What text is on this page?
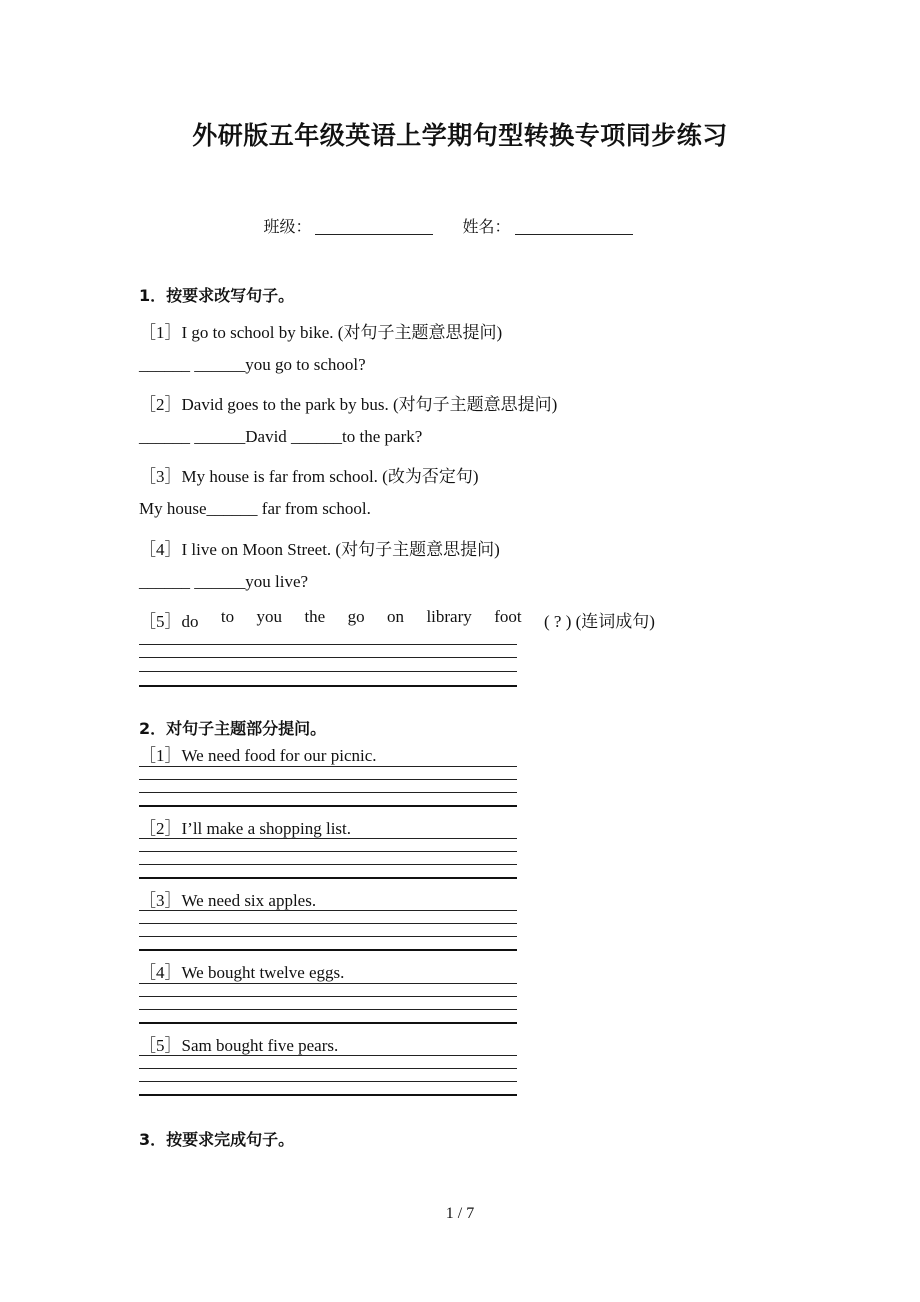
外研版五年级英语上学期句型转换专项同步练习
班级：	姓名：
1．按要求改写句子。
［1］I go to school by bike. (对句子主题意思提问)
______ ______you go to school?
［2］David goes to the park by bus. (对句子主题意思提问)
______ ______David ______to the park?
［3］My house is far from school. (改为否定句)
My house______ far from school.
［4］I live on Moon Street. (对句子主题意思提问)
______ ______you live?
［5］do to you the go on library foot ( ? ) (连词成句)
2．对句子主题部分提问。
［1］We need food for our picnic.
［2］I’ll make a shopping list.
［3］We need six apples.
［4］We bought twelve eggs.
［5］Sam bought five pears.
3．按要求完成句子。
1 / 7
